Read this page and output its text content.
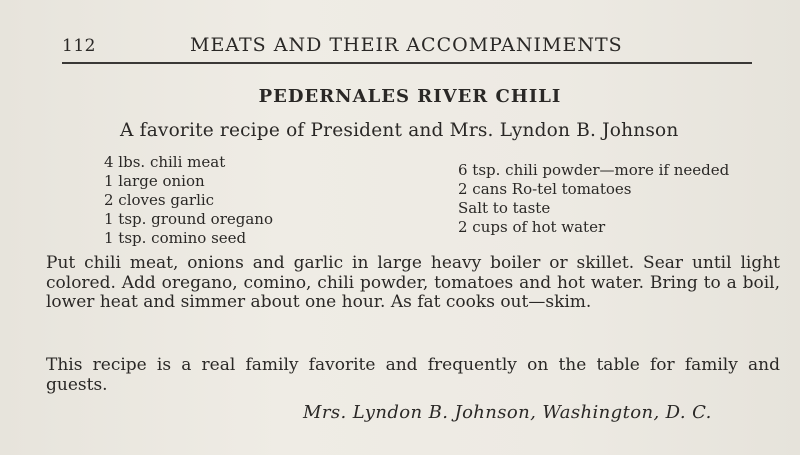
112	MEATS AND THEIR ACCOMPANIMENTS
PEDERNALES RIVER CHILI
A favorite recipe of President and Mrs. Lyndon B. Johnson
4 lbs. chili meat
1 large onion
2 cloves garlic
1 tsp. ground oregano
1 tsp. comino seed
6 tsp. chili powder—more if needed
2 cans Ro-tel tomatoes
Salt to taste
2 cups of hot water

Put chili meat, onions and garlic in large heavy boiler or skillet. Sear until light colored. Add oregano, comino, chili powder, tomatoes and hot water. Bring to a boil, lower heat and simmer about one hour. As fat cooks out—skim.

This recipe is a real family favorite and frequently on the table for family and guests.

Mrs. Lyndon B. Johnson, Washington, D. C.
